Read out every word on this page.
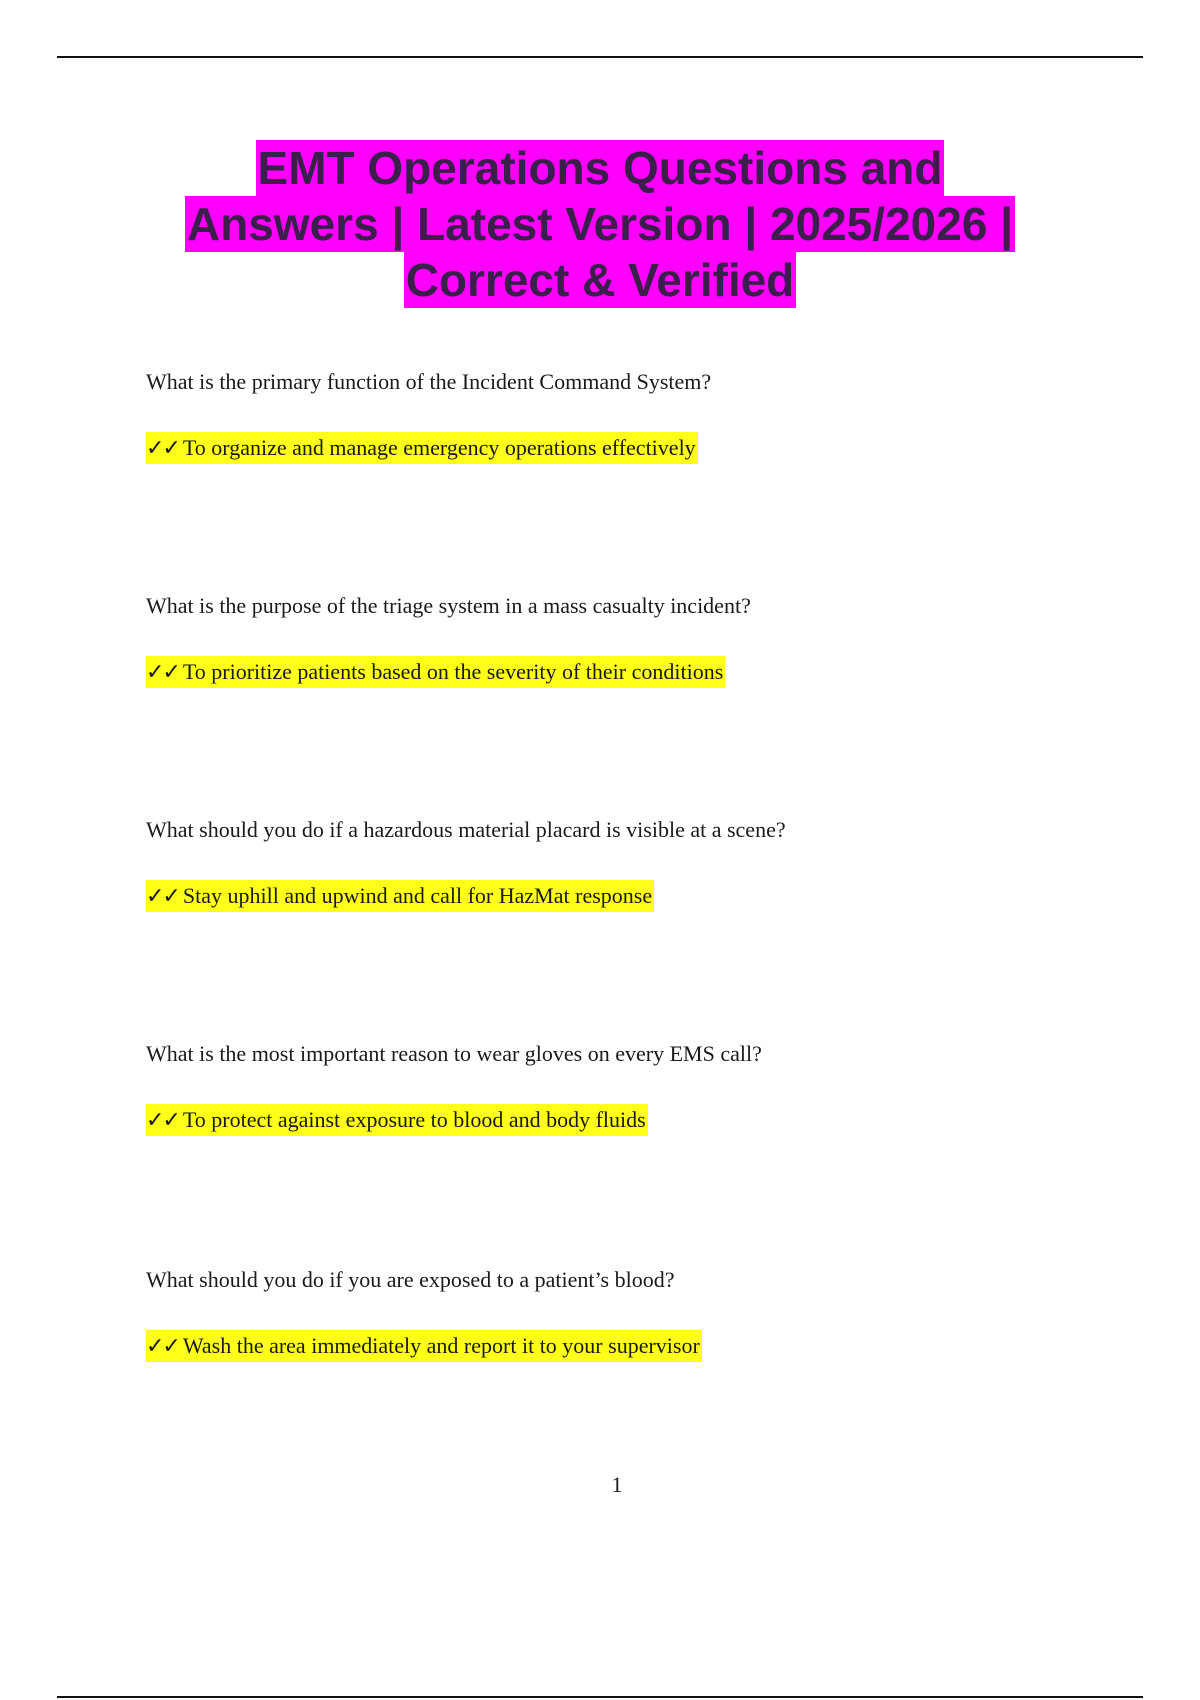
EMT Operations Questions and
Answers | Latest Version | 2025/2026 |
Correct & Verified
What is the primary function of the Incident Command System?
✓✓ To organize and manage emergency operations effectively
What is the purpose of the triage system in a mass casualty incident?
✓✓ To prioritize patients based on the severity of their conditions
What should you do if a hazardous material placard is visible at a scene?
✓✓ Stay uphill and upwind and call for HazMat response
What is the most important reason to wear gloves on every EMS call?
✓✓ To protect against exposure to blood and body fluids
What should you do if you are exposed to a patient’s blood?
✓✓ Wash the area immediately and report it to your supervisor
1
